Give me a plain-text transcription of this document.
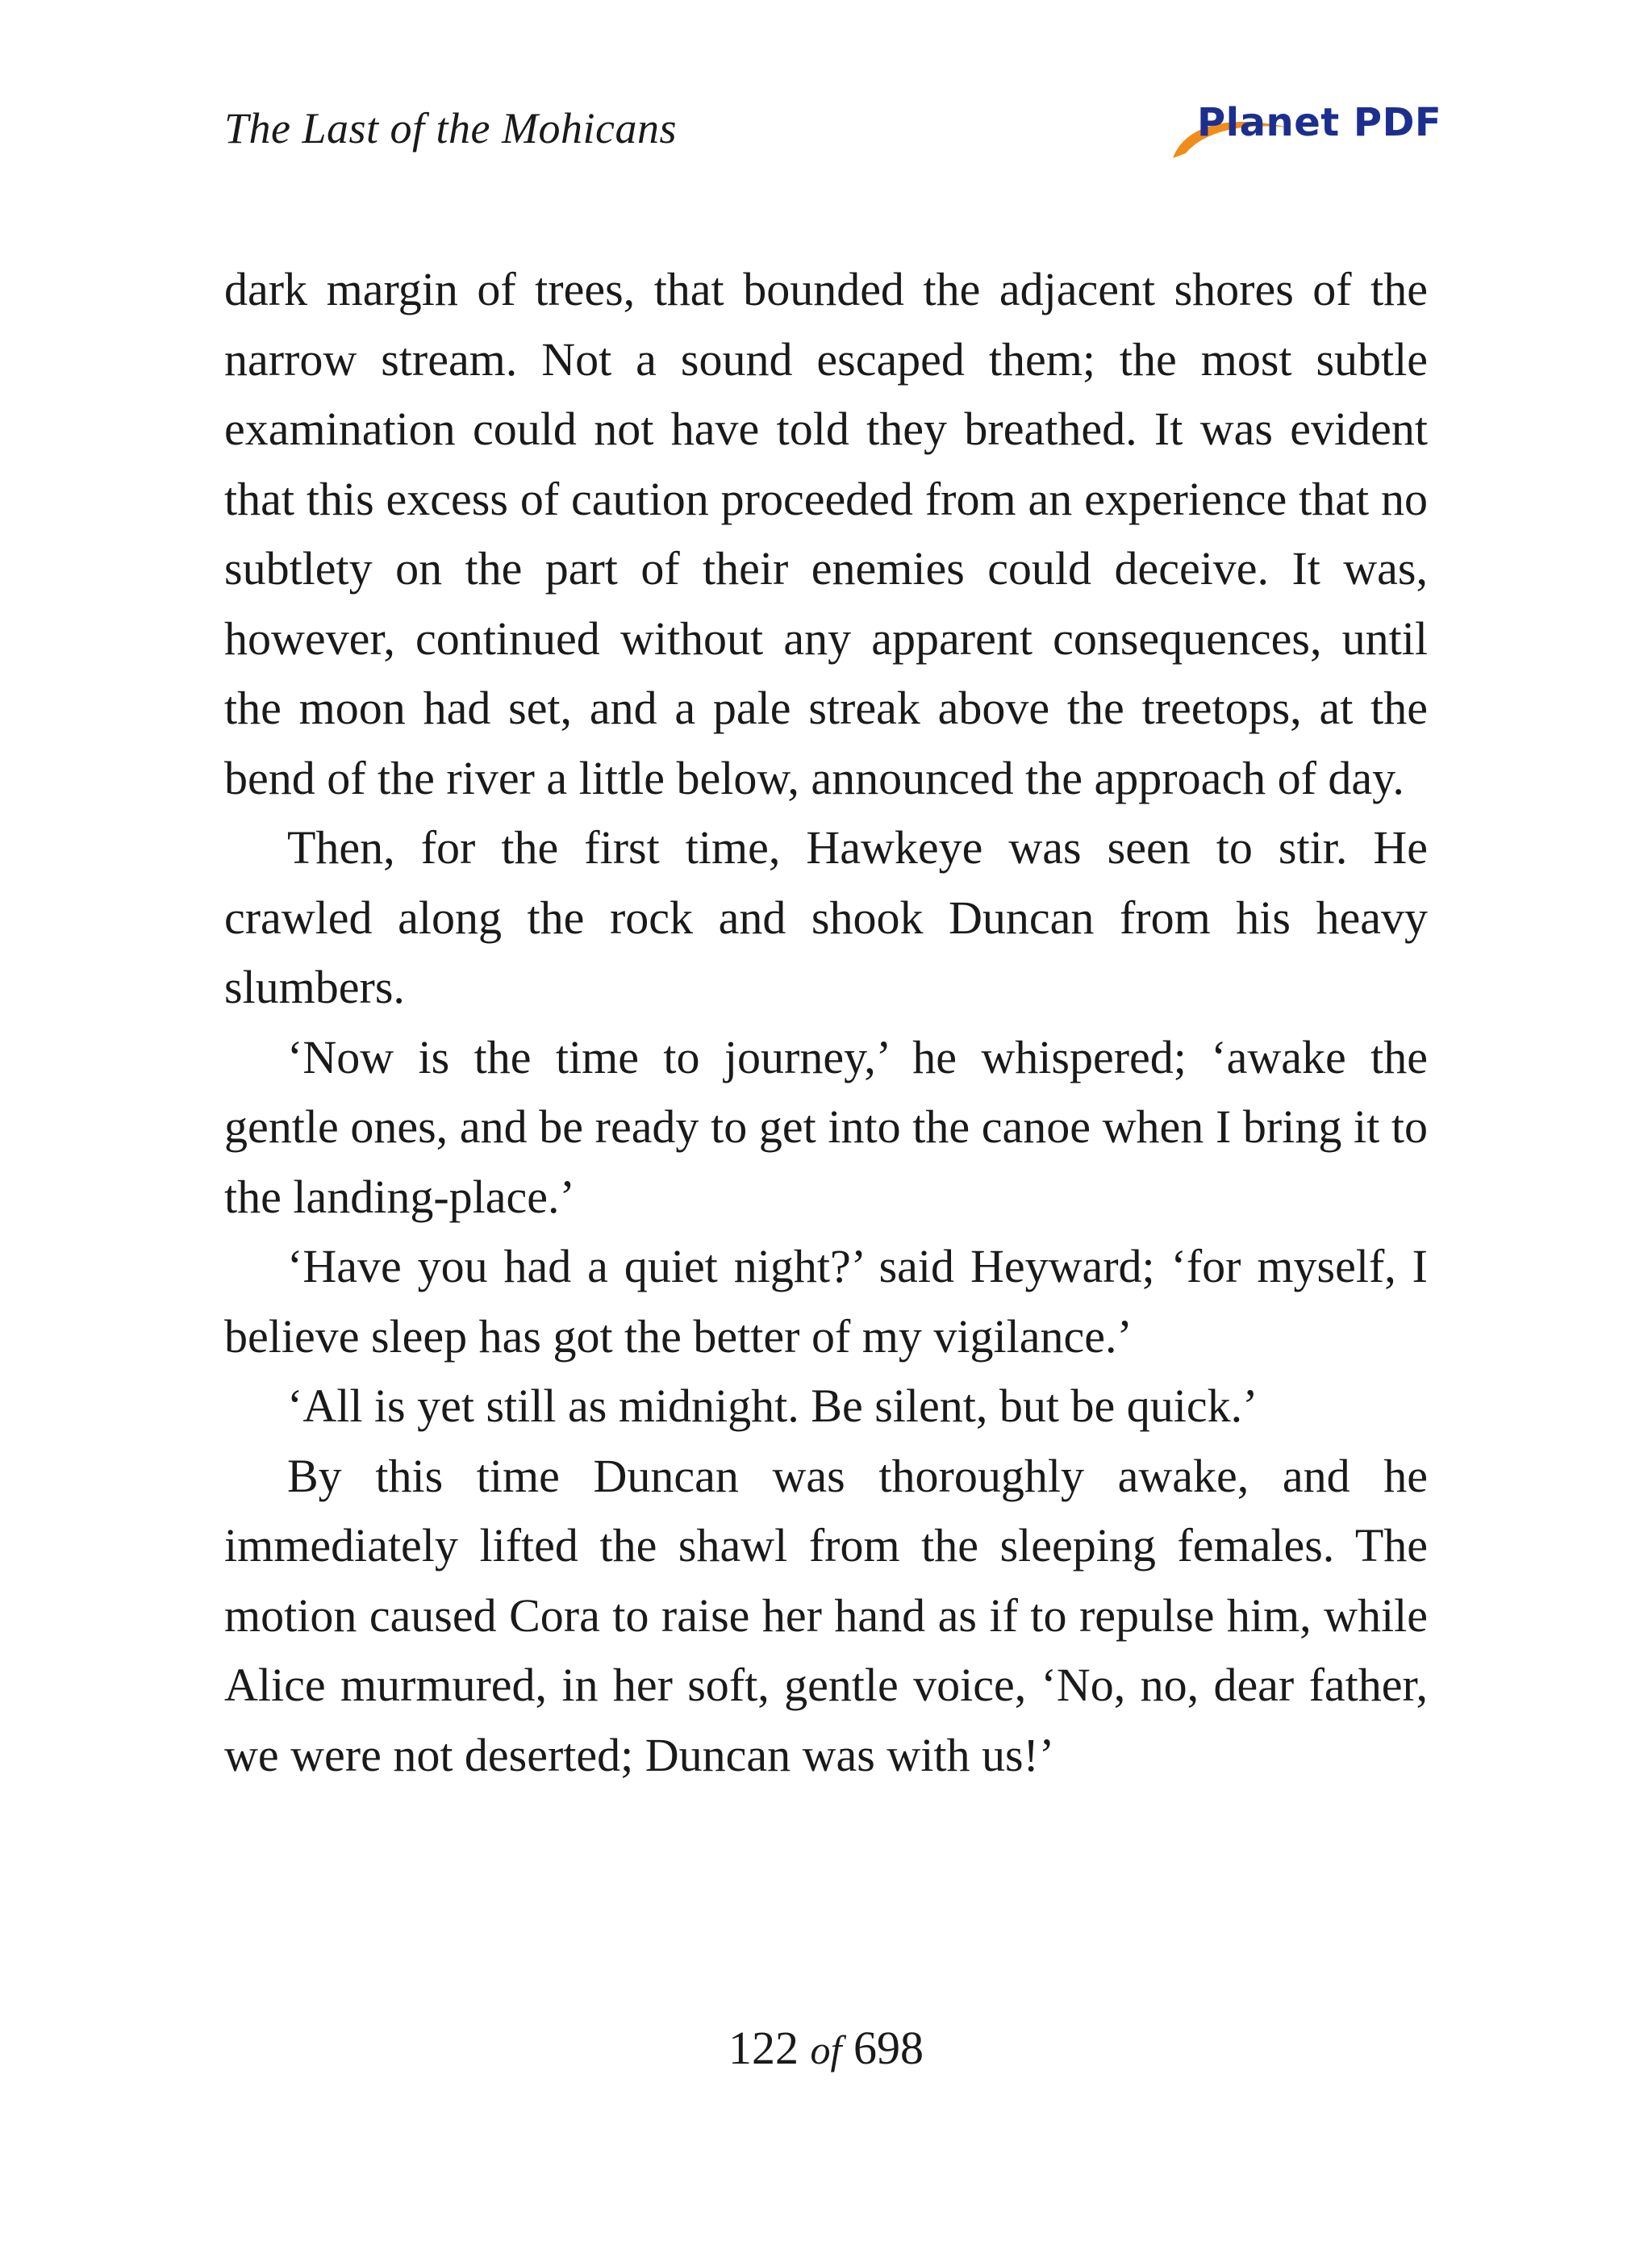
The Last of the Mohicans	Planet PDF

dark margin of trees, that bounded the adjacent shores of the narrow stream. Not a sound escaped them; the most subtle examination could not have told they breathed. It was evident that this excess of caution proceeded from an experience that no subtlety on the part of their enemies could deceive. It was, however, continued without any apparent consequences, until the moon had set, and a pale streak above the treetops, at the bend of the river a little below, announced the approach of day.

Then, for the first time, Hawkeye was seen to stir. He crawled along the rock and shook Duncan from his heavy slumbers.

‘Now is the time to journey,’ he whispered; ‘awake the gentle ones, and be ready to get into the canoe when I bring it to the landing-place.’

‘Have you had a quiet night?’ said Heyward; ‘for myself, I believe sleep has got the better of my vigilance.’

‘All is yet still as midnight. Be silent, but be quick.’

By this time Duncan was thoroughly awake, and he immediately lifted the shawl from the sleeping females. The motion caused Cora to raise her hand as if to repulse him, while Alice murmured, in her soft, gentle voice, ‘No, no, dear father, we were not deserted; Duncan was with us!’

122 of 698
